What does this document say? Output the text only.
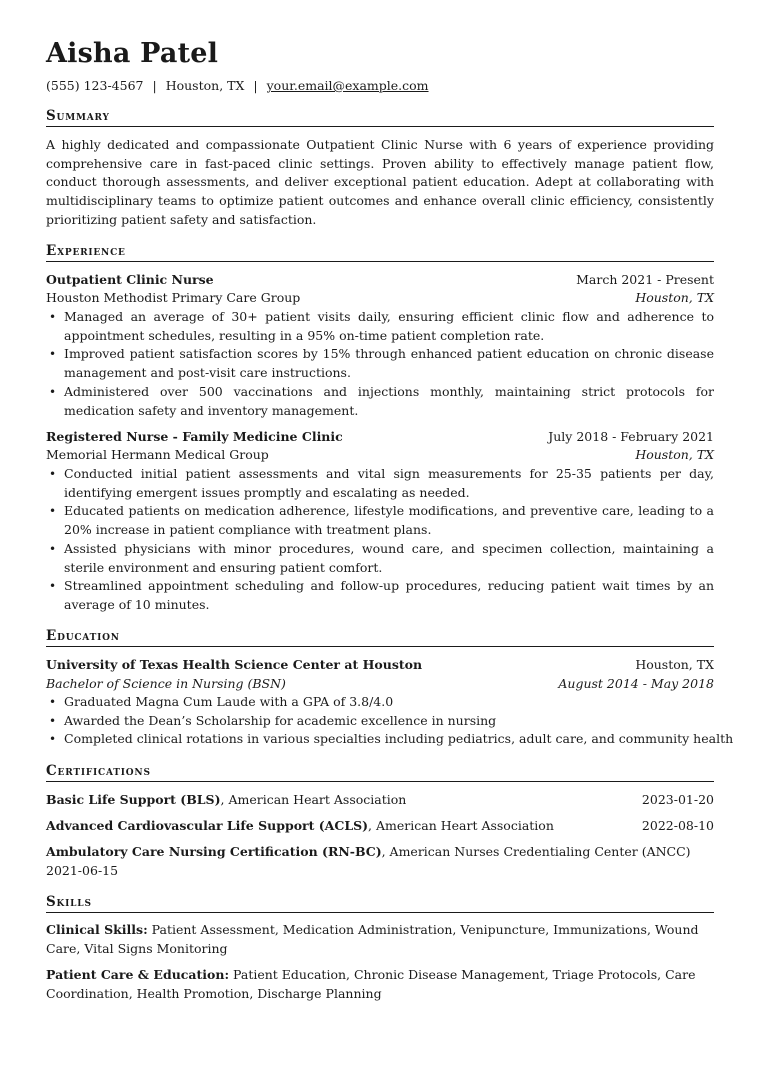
Aisha Patel
(555) 123-4567 | Houston, TX | your.email@example.com
Summary
A highly dedicated and compassionate Outpatient Clinic Nurse with 6 years of experience providing comprehensive care in fast-paced clinic settings. Proven ability to effectively manage patient flow, conduct thorough assessments, and deliver exceptional patient education. Adept at collaborating with multidisciplinary teams to optimize patient outcomes and enhance overall clinic efficiency, consistently prioritizing patient safety and satisfaction.
Experience
Outpatient Clinic Nurse	March 2021 - Present
Houston Methodist Primary Care Group	Houston, TX
• Managed an average of 30+ patient visits daily, ensuring efficient clinic flow and adherence to appointment schedules, resulting in a 95% on-time patient completion rate.
• Improved patient satisfaction scores by 15% through enhanced patient education on chronic disease management and post-visit care instructions.
• Administered over 500 vaccinations and injections monthly, maintaining strict protocols for medication safety and inventory management.
Registered Nurse - Family Medicine Clinic	July 2018 - February 2021
Memorial Hermann Medical Group	Houston, TX
• Conducted initial patient assessments and vital sign measurements for 25-35 patients per day, identifying emergent issues promptly and escalating as needed.
• Educated patients on medication adherence, lifestyle modifications, and preventive care, leading to a 20% increase in patient compliance with treatment plans.
• Assisted physicians with minor procedures, wound care, and specimen collection, maintaining a sterile environment and ensuring patient comfort.
• Streamlined appointment scheduling and follow-up procedures, reducing patient wait times by an average of 10 minutes.
Education
University of Texas Health Science Center at Houston	Houston, TX
Bachelor of Science in Nursing (BSN)	August 2014 - May 2018
• Graduated Magna Cum Laude with a GPA of 3.8/4.0
• Awarded the Dean’s Scholarship for academic excellence in nursing
• Completed clinical rotations in various specialties including pediatrics, adult care, and community health
Certifications
Basic Life Support (BLS), American Heart Association	2023-01-20
Advanced Cardiovascular Life Support (ACLS), American Heart Association	2022-08-10
Ambulatory Care Nursing Certification (RN-BC), American Nurses Credentialing Center (ANCC)
2021-06-15
Skills
Clinical Skills: Patient Assessment, Medication Administration, Venipuncture, Immunizations, Wound Care, Vital Signs Monitoring
Patient Care & Education: Patient Education, Chronic Disease Management, Triage Protocols, Care Coordination, Health Promotion, Discharge Planning
